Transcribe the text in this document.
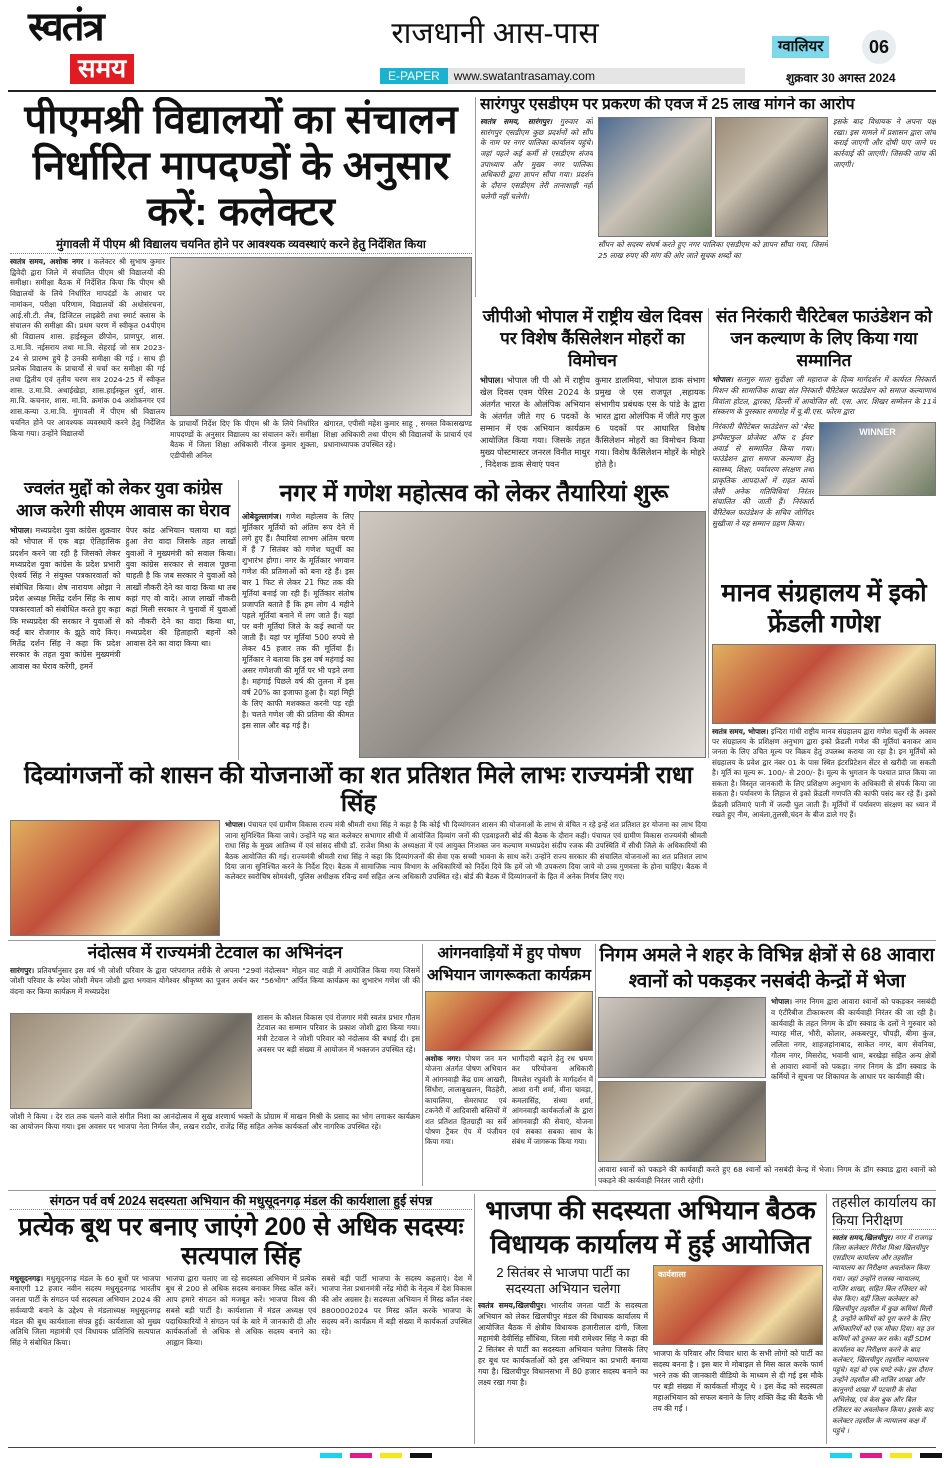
स्वतंत्र
समय
राजधानी आस-पास
E-PAPER www.swatantrasamay.com
ग्वालियर	06
शुक्रवार 30 अगस्त 2024
पीएमश्री विद्यालयों का संचालन निर्धारित मापदण्डों के अनुसार करें: कलेक्टर
मुंगावली में पीएम श्री विद्यालय चयनित होने पर आवश्यक व्यवस्थाएं करने हेतु निर्देशित किया
स्वतंत्र समय, अशोक नगर । कलेक्टर श्री सुभाष कुमार द्विवेदी द्वारा जिले में संचालित पीएम श्री विद्यालयों की समीक्षा। समीक्षा बैठक में निर्देशित किया कि पीएम श्री विद्यालयों के लिये निर्धारित मापदंडों के आधार पर नामांकन, परीक्षा परिणाम, विद्यालयों की अधोसंरचना, आई.सी.टी. लैब, डिजिटल लाइब्रेरी तथा स्मार्ट क्लास के संचालन की समीक्षा की। प्रथम चरण में स्वीकृत 04पीएम श्री विद्यालय शास. हाईस्कूल छीपोन, प्राणपुर, शास. उ.मा.वि. नईसराय तथा मा.वि. सेहराई जो सत्र 2023- 24 से प्रारम्भ हुये है उनकी समीक्षा की गई । साथ ही प्रत्येक विद्यालय के प्राचार्यों से चर्चा कर समीक्षा की गई तथा द्वितीय एवं तृतीय चरण सत्र 2024-25 में स्वीकृत शास. उ.मा.वि. अथाईखेड़ा, शास.हाईस्कूल धुर्रा, शास. मा.वि. कचनार, शास. मा.वि. क्रमांक 04 अशोकनगर एवं शास.कन्या उ.मा.वि. मुंगावली में पीएम श्री विद्यालय चयनित होने पर आवश्यक व्यवस्थायें करने हेतु निर्देशित किया गया। उन्होंने विद्यालयों
के प्राचार्यों निर्देश दिए कि पीएम श्री के लिये निर्धारित मापदण्डों के अनुसार विद्यालय का संचालन करें। समीक्षा बैठक में जिला शिक्षा अधिकारी नीरज कुमार शुक्ला, एडीपीसी अनिल
खंगारत, एपीसी महेश कुमार साहू , समस्त विकासखण्ड शिक्षा अधिकारी तथा पीएम श्री विद्यालयों के प्राचार्य एवं प्रधानाध्यापक उपस्थित रहे।
सारंगपुर एसडीएम पर प्रकरण की एवज में 25 लाख मांगने का आरोप
स्वतंत्र समय, सारंगपुर। गुरुवार को सारंगपुर एसडीएम कुछ प्रदर्शनों को सौंप के नाम पर नगर पालिका कार्यालय पहुंचे। जहां पहले कई कर्मी से एसडीएम संजय उपाध्याय और मुख्य नगर पालिका अधिकारी द्वारा ज्ञापन सौंपा गया। प्रदर्शन के दौरान एसडीएम तेरी तानाशाही नहीं चलेगी नहीं चलेगी।
सौंपन को सदस्य संघर्ष करते हुए नगर पालिका एसडीएम को ज्ञापन सौंपा गया, जिसमें 25 लाख रुपए की मांग की ओर जाते सूचक शब्दों का
इसके बाद विधायक ने अपना पक्ष रखा। इस मामले में प्रशासन द्वारा जांच कराई जाएगी और दोषी पाए जाने पर कार्रवाई की जाएगी। जिसकी जांच की जाएगी।
जीपीओ भोपाल में राष्ट्रीय खेल दिवस पर विशेष कैंसिलेशन मोहरों का विमोचन
भोपाल। भोपाल जी पी ओ में राष्ट्रीय खेल दिवस एवम पेरिस 2024 के अंतर्गत भारत के ओलंपिक अभियान के अंतर्गत जीते गए 6 पदकों के सम्मान में एक अभियान कार्यक्रम आयोजित किया गया। जिसके तहत मुख्य पोस्टमास्टर जनरल विनीत माथुर , निदेशक डाक सेवाएं पवन
कुमार डालमिया, भोपाल डाक संभाग प्रमुख जे एस राजपूत ,सहायक संभागीय प्रबंधक एस के पांडे के द्वारा भारत द्वारा ओलंपिक में जीते गए कुल 6 पदकों पर आधारित विशेष कैंसिलेशन मोहरों का विमोचन किया गया। विशेष कैंसिलेशन मोहरें के मोहरे होते है।
संत निरंकारी चैरिटेबल फाउंडेशन को जन कल्याण के लिए किया गया सम्मानित
भोपाल। सतगुरु माता सुदीक्षा जी महाराज के दिव्य मार्गदर्शन में कार्यरत निरंकारी मिशन की सामाजिक शाखा संत निरंकारी चैरिटेबल फाउंडेशन को समाज कल्याणार्थ विवांता होटल, द्वारका, दिल्ली में आयोजित सी. एस. आर. शिखर सम्मेलन के 11वें संस्करण के पुरस्कार समारोह में यू.बी.एस. फोरम द्वारा
निरंकारी चैरिटेबल फाउंडेशन को 'बेस्ट इम्पैक्टफुल प्रोजेक्ट ऑफ द ईयर' अवार्ड से सम्मानित किया गया। फाउंडेशन द्वारा समाज कल्याण हेतु स्वास्थ्य, शिक्षा, पर्यावरण संरक्षण तथा प्राकृतिक आपदाओं में राहत कार्यों जैसी अनेक गतिविधियां निरंतर संचालित की जाती हैं। निरंकारी चैरिटेबल फाउंडेशन के सचिव जोगिंदर सुखीजा ने यह सम्मान ग्रहण किया।
WINNER
ज्वलंत मुद्दों को लेकर युवा कांग्रेस आज करेगी सीएम आवास का घेराव
भोपाल। मध्यप्रदेश युवा कांग्रेस शुक्रवार को भोपाल में एक बड़ा ऐतिहासिक प्रदर्शन करने जा रही है जिसको लेकर मध्यप्रदेश युवा कांग्रेस के प्रदेश प्रभारी ऐश्वर्य सिंह ने संयुक्त पत्रकारवार्ता को संबोधित किया। शेष नारायण ओझा ने प्रदेश अध्यक्ष मितेंद्र दर्शन सिंह के साथ पत्रकारवार्ता को संबोधित करते हुए कहा कि मध्यप्रदेश की सरकार ने युवाओं से कई बार रोजगार के झूठे वादे किए। मितेंद्र दर्शन सिंह ने कहा कि प्रदेश सरकार के तहत युवा कांग्रेस मुख्यमंत्री आवास का घेराव करेंगी, हमनें
पेपर कांड अभियान चलाया था वहां हुआ तेरा वादा जिसके तहत लाखों युवाओं ने मुख्यमंत्री को सवाल किया। युवा कांग्रेस सरकार से सवाल पूछना चाहती है कि जब सरकार ने युवाओं को लाखों नौकरी देने का वादा किया था तब कहां गए वो वादे। आज लाखों नौकरी कहां मिली सरकार ने चुनावों में युवाओं को नौकरी देने का वादा किया था, मध्यप्रदेश की हिताहारी बहनों को आवास देने का वादा किया था।
नगर में गणेश महोत्सव को लेकर तैयारियां शुरू
ओबेदुल्लागंज। गणेश महोत्सव के लिए मूर्तिकार मूर्तियों को अंतिम रूप देने में लगे हुए हैं। तैयारियां लाभग अंतिम चरण में हैं 7 सितंबर को गणेश चतुर्थी का शुभारंभ होगा। नगर के मूर्तिकार भगवान गणेश की प्रतिमाओं को बना रहे हैं। इस बार 1 फिट से लेकर 21 फिट तक की मूर्तियां बनाई जा रही हैं। मूर्तिकार संतोष प्रजापति बताते हैं कि हम लोग 4 महीने पहले मूर्तियां बनाने में लग जाते हैं। यहां पर बनी मूर्तियां जिले के कई स्थानों पर जाती हैं। यहां पर मूर्तियां 500 रुपये से लेकर 45 हजार तक की मूर्तियां हैं। मूर्तिकार ने बताया कि इस वर्ष महंगाई का असर गणेशजी की मूर्ति पर भी पड़ने लगा है। महंगाई पिछले वर्ष की तुलना में इस वर्ष 20% का इजाफा हुआ है। यहां मिट्टी के लिए काफी मशक्कत करनी पड़ रही है। चलते गणेश जी की प्रतिमा की कीमत इस साल और बढ़ गई है।
मानव संग्रहालय में इको फ्रेंडली गणेश
स्वतंत्र समय, भोपाल। इन्दिरा गांधी राष्ट्रीय मानव संग्रहालय द्वारा गणेश चतुर्थी के अवसर पर संग्रहालय के प्रशिक्षण अनुभाग द्वारा इको फ्रेंडली गणेश की मूर्तियां बनाकर आम जनता के लिए उचित मूल्य पर विक्रय हेतु उपलब्ध कराया जा रहा है। इन मूर्तियों को संग्रहालय के प्रवेश द्वार नंबर 01 के पास स्थित इंटरप्रिटेशन सेंटर से खरीदी जा सकती है। मूर्ति का मूल्य रू. 100/- से 200/- है। मूल्य के भुगतान के पश्चात प्राप्त किया जा सकता है। विस्तृत जानकारी के लिए प्रशिक्षण अनुभाग के अधिकारी से संपर्क किया जा सकता है। पर्यावरण के लिहाज से इको फ्रेंडली गणपति की काफी पसंद कर रहे हैं। इको फ्रेंडली प्रतिमाएं पानी में जल्दी घुल जाती हैं। मूर्तियों में पर्यावरण संरक्षण का ध्यान में रखते हुए नीम, आवंला,तुलसी,चंदन के बीज डाले गए हैं।
दिव्यांगजनों को शासन की योजनाओं का शत प्रतिशत मिले लाभः राज्यमंत्री राधा सिंह
भोपाल। पंचायत एवं ग्रामीण विकास राज्य मंत्री श्रीमती राधा सिंह ने कहा है कि कोई भी दिव्यांगजन शासन की योजनाओं के लाभ से वंचित न रहे इन्हें शत प्रतिशत हर योजना का लाभ दिया जाना सुनिश्चित किया जाये। उन्होंने यह बात कलेक्टर सभागार सीधी में आयोजित दिव्यांग जनों की एडवाइजरी बोर्ड की बैठक के दौरान कही। पंचायत एवं ग्रामीण विकास राज्यमंत्री श्रीमती राधा सिंह के मुख्य आतिथ्य में एवं सांसद सीधी डॉ. राजेश मिश्रा के अध्यक्षता में एवं आयुक्त निःशक्त जन कल्याण मध्यप्रदेश संदीप रजक की उपस्थिति में सीधी जिले के अधिकारियों की बैठक आयोजित की गई। राज्यमंत्री श्रीमती राधा सिंह ने कहा कि दिव्यांगजनों की सेवा एक सच्ची भावना के साथ करें। उन्होंने राज्य सरकार की संचालित योजनाओं का शत प्रतिशत लाभ दिया जाना सुनिश्चित करने के निर्देश दिए। बैठक में सामाजिक न्याय विभाग के अधिकारियों को निर्देश दिये कि हमें जो भी उपकरण दिया जाये वो उच्च गुणवत्ता के होना चाहिए। बैठक में कलेक्टर स्वरोचिष सोमवंशी, पुलिस अधीक्षक रविन्द्र वर्मा सहित अन्य अधिकारी उपस्थित रहे। बोर्ड की बैठक में दिव्यांगजनों के हित में अनेक निर्णय लिए गए।
नंदोत्सव में राज्यमंत्री टेटवाल का अभिनंदन
सारंगपुर। प्रतिवर्षानुसार इस वर्ष भी जोशी परिवार के द्वारा परंपरागत तरीके से अपना "29वां नंदोत्सव" मोहन वाट वाड़ी में आयोजित किया गया जिसमें जोशी परिवार के रुपेश जोशी मेघन जोशी द्वारा भगवान योगेश्वर श्रीकृष्ण का पूजन अर्चन कर "56भोग" अर्पित किया कार्यक्रम का शुभारंभ गणेश जी की वंदना कर किया कार्यक्रम में मध्यप्रदेश
शासन के कौशल विकास एवं रोजगार मंत्री स्वतंत्र प्रभार गौतम टेटवाल का सम्मान परिवार के प्रकाश जोशी द्वारा किया गया। मंत्री टेटवाल ने जोशी परिवार को नंदोत्सव की बधाई दी। इस अवसर पर बड़ी संख्या में आयोजन में भक्तजन उपस्थित रहे।
जोशी ने किया । देर रात तक चलने वाले संगीत निशा का आनंदोत्सव में सुख शरणार्थ भक्तों के प्रोग्राम में माखन मिश्री के प्रसाद का भोग लगाकर कार्यक्रम का आयोजन किया गया। इस अवसर पर भाजपा नेता निर्मल जैन, लखन राठौर, राजेंद्र सिंह सहित अनेक कार्यकर्ता और नागरिक उपस्थित रहे।
आंगनवाड़ियों में हुए पोषण अभियान जागरूकता कार्यक्रम
अशोक नगर। पोषण जन मन योजना अंतर्गत पोषण अभियान में आंगनवाड़ी केंद्र ग्राम आखरी, सिंधौरा, लालाबुखलन, विठहेरी, कायालिया, सेमराघाट एवं टकनेरी में आदिवासी बस्तियों में शत प्रतिशत हितग्राही का सर्वे पोषण ट्रैकर ऐप में पंजीयन किया गया।
भागीदारी बढ़ाने हेतु रथ भ्रमण कर परियोजना अधिकारी विमलेश रघुवंशी के मार्गदर्शन में आशा रानी शर्मा, मीना चावड़ा, कमलासिंह, संध्या शर्मा, आंगनवाड़ी कार्यकर्ताओं के द्वारा आंगनवाड़ी की सेवाएं, योजना एवं सबका सबका साथ के संबंध में जागरूक किया गया।
निगम अमले ने शहर के विभिन्न क्षेत्रों से 68 आवारा श्वानों को पकड़कर नसबंदी केन्द्रों में भेजा
भोपाल। नगर निगम द्वारा आवारा श्वानों को पकड़कर नसबंदी व एंटीरैबीज टीकाकरण की कार्यवाही निरंतर की जा रही है। कार्यवाही के तहत निगम के डॉग स्क्वाड के दलों ने गुरुवार को ग्यारह मील, भौरी, कोलार, अकबरपुर, चौपड़ी, बीमा कुंज, ललिता नगर, शाहजहांनाबाद, साकेत नगर, बाग सेवनिया, गौतम नगर, मिसरोद, भवानी धाम, बरखेड़ा सहित अन्य क्षेत्रों से आवारा श्वानों को पकड़ा। नगर निगम के डॉग स्क्वाड के कर्मियों ने सूचना पर शिकायत के आधार पर कार्यवाही की।
आवारा श्वानों को पकड़ने की कार्यवाही करते हुए 68 श्वानों को नसबंदी केन्द्र में भेजा। निगम के डॉग स्क्वाड द्वारा श्वानों को पकड़ने की कार्यवाही निरंतर जारी रहेगी।
संगठन पर्व वर्ष 2024 सदस्यता अभियान की मधुसूदनगढ़ मंडल की कार्यशाला हुई संपन्न
प्रत्येक बूथ पर बनाए जाएंगे 200 से अधिक सदस्यः सत्यपाल सिंह
मधुसूदनगढ़। मधुसूदनगढ़ मंडल के 60 बूथों पर भाजपा बनाएगी 12 हजार नवीन सदस्य मधुसूदनगढ़ भारतीय जनता पार्टी के संगठन पर्व सदस्यता अभियान 2024 की सर्वव्यापी बनाने के उद्देश्य से मंडलाध्यक्ष मधुसूदनगढ़ मंडल की बूथ कार्यशाला संपन्न हुई। कार्यशाला को मुख्य अतिथि जिला महामंत्री एवं विधायक प्रतिनिधि सत्यपाल सिंह ने संबोधित किया।
भाजपा द्वारा चलाए जा रहे सदस्यता अभियान में प्रत्येक बूथ से 200 से अधिक सदस्य बनाकर मिस्ड कॉल करें। आप हमारे संगठन को मजबूत करें। भाजपा विश्व की सबसे बड़ी पार्टी है। कार्यशाला में मंडल अध्यक्ष एवं पदाधिकारियों ने संगठन पर्व के बारे में जानकारी दी और कार्यकर्ताओं से अधिक से अधिक सदस्य बनाने का आह्वान किया।
सबसे बड़ी पार्टी भाजपा के सदस्य कहलाएं। देश में भाजपा नेता प्रधानमंत्री नरेंद्र मोदी के नेतृत्व में देश विकास की ओर अग्रसर है। सदस्यता अभियान में मिस्ड कॉल नंबर 8800002024 पर मिस्ड कॉल करके भाजपा के सदस्य बनें। कार्यक्रम में बड़ी संख्या में कार्यकर्ता उपस्थित रहे।
भाजपा की सदस्यता अभियान बैठक विधायक कार्यालय में हुई आयोजित
2 सितंबर से भाजपा पार्टी का सदस्यता अभियान चलेगा
स्वतंत्र समय,खिलचीपुर। भारतीय जनता पार्टी के सदस्यता अभियान को लेकर खिलचीपुर मंडल की विधायक कार्यालय में आयोजित बैठक में क्षेत्रीय विधायक हजारीलाल दांगी, जिला महामंत्री देवीसिंह सौंधिया, जिला मंत्री रामेश्वर सिंह ने कहा की 2 सितंबर से पार्टी का सदस्यता अभियान चलेगा जिसके लिए हर बूथ पर कार्यकर्ताओं को इस अभियान का प्रभारी बनाया गया है। खिलचीपुर विधानसभा में 80 हजार सदस्य बनाने का लक्ष्य रखा गया है।
कार्यशाला
भाजपा के परिवार और विचार धारा के सभी लोगो को पार्टी का सदस्य बनना है । इस बार मे मोबाइल से मिस काल करके फार्म भरने तक की जानकारी वीडियो के माध्यम से दी गई इस मौके पर बड़ी संख्या में कार्यकर्ता मौजूद थे । इस केंद्र को सदस्यता महाअभियान को सफल बनाने के लिए शक्ति केंद्र की बैठके भी तय की गईं ।
तहसील कार्यालय का किया निरीक्षण
स्वतंत्र समय,खिलचीपुर। नगर में राजगढ़ जिला कलेक्टर गिरीश मिश्रा खिलचीपुर एसडीएम कार्यालय और तहसील न्यायालय का निरीक्षण अवलोकन किया गया। जहां उन्होंने राजस्व न्यायालय, नाजिर शाखा, सहित बिल रजिस्टर को चेक किए। वहीं जिला कलेक्टर को खिलचीपुर तहसील में कुछ कमियां मिली है, उन्होंने कमियों को पूरा करने के लिए अधिकारियों को एक मौका दिया। यह उन कमियों को दुरुस्त कर सके। वहीं SDM कार्यालय का निरीक्षण करने के बाद कलेक्टर, खिलचीपुर तहसील न्यायालय पहुंचे। यहां वो एक घण्टे रुके। इस दौरान उन्होंने तहसील की नाजिर शाखा और कानूनगो शाखा में पटवारी के सेवा अभिलेख, एवं केस बुक और बिल रजिस्टर का अवलोकन किया। इसके बाद कलेक्टर तहसील के न्यायालय कक्ष में पहुंचे ।
